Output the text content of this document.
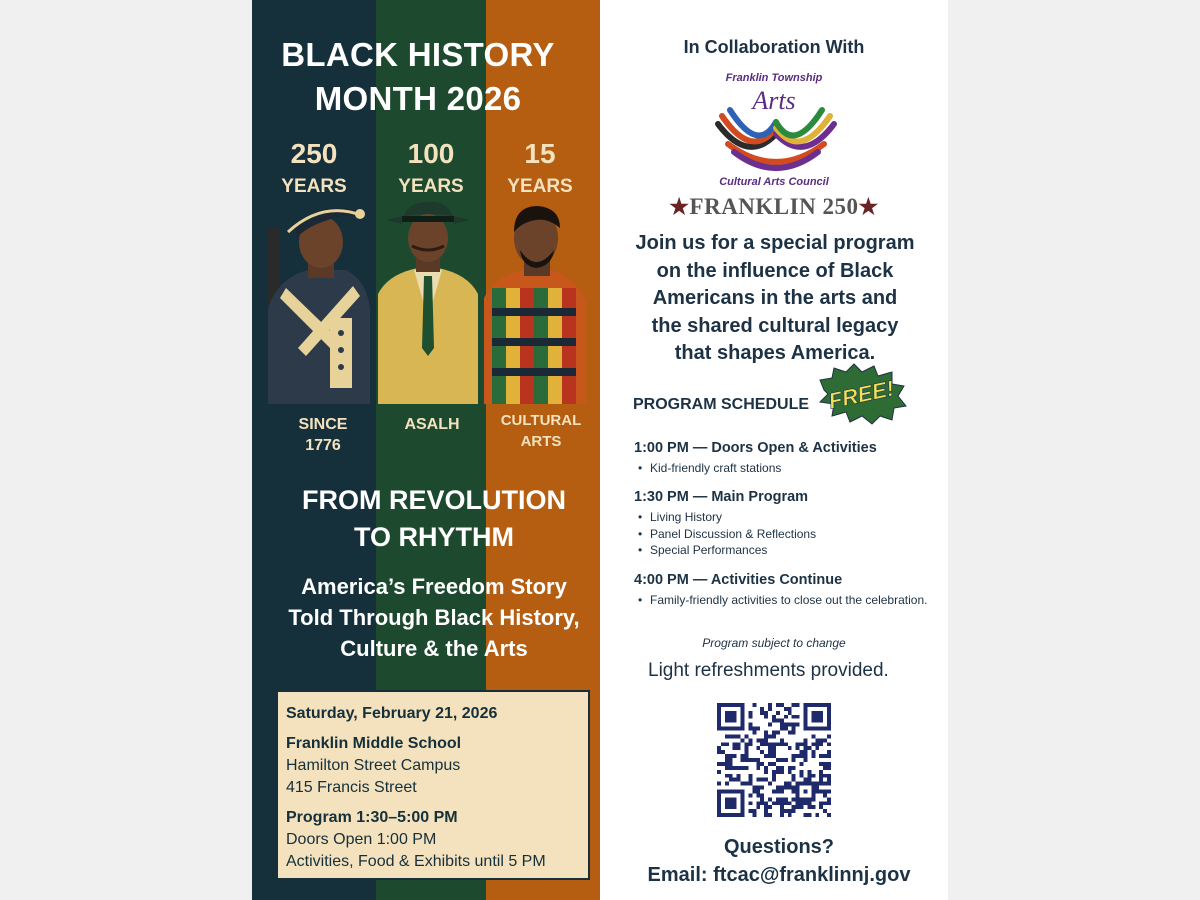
BLACK HISTORY
MONTH 2026
250
YEARS
100
YEARS
15
YEARS
SINCE
1776
ASALH	CULTURAL
ARTS
FROM REVOLUTION
TO RHYTHM
America’s Freedom Story
Told Through Black History,
Culture & the Arts
Saturday, February 21, 2026
Franklin Middle School
Hamilton Street Campus
415 Francis Street
Program 1:30–5:00 PM
Doors Open 1:00 PM
Activities, Food & Exhibits until 5 PM
In Collaboration With
Franklin Township
Arts
Cultural Arts Council
★FRANKLIN 250★
Join us for a special program
on the influence of Black
Americans in the arts and
the shared cultural legacy
that shapes America.
PROGRAM SCHEDULE FREE!
1:00 PM — Doors Open & Activities
• Kid-friendly craft stations
1:30 PM — Main Program
• Living History
• Panel Discussion & Reflections
• Special Performances
4:00 PM — Activities Continue
• Family-friendly activities to close out the celebration.
Program subject to change
Light refreshments provided.
Questions?
Email: ftcac@franklinnj.gov
